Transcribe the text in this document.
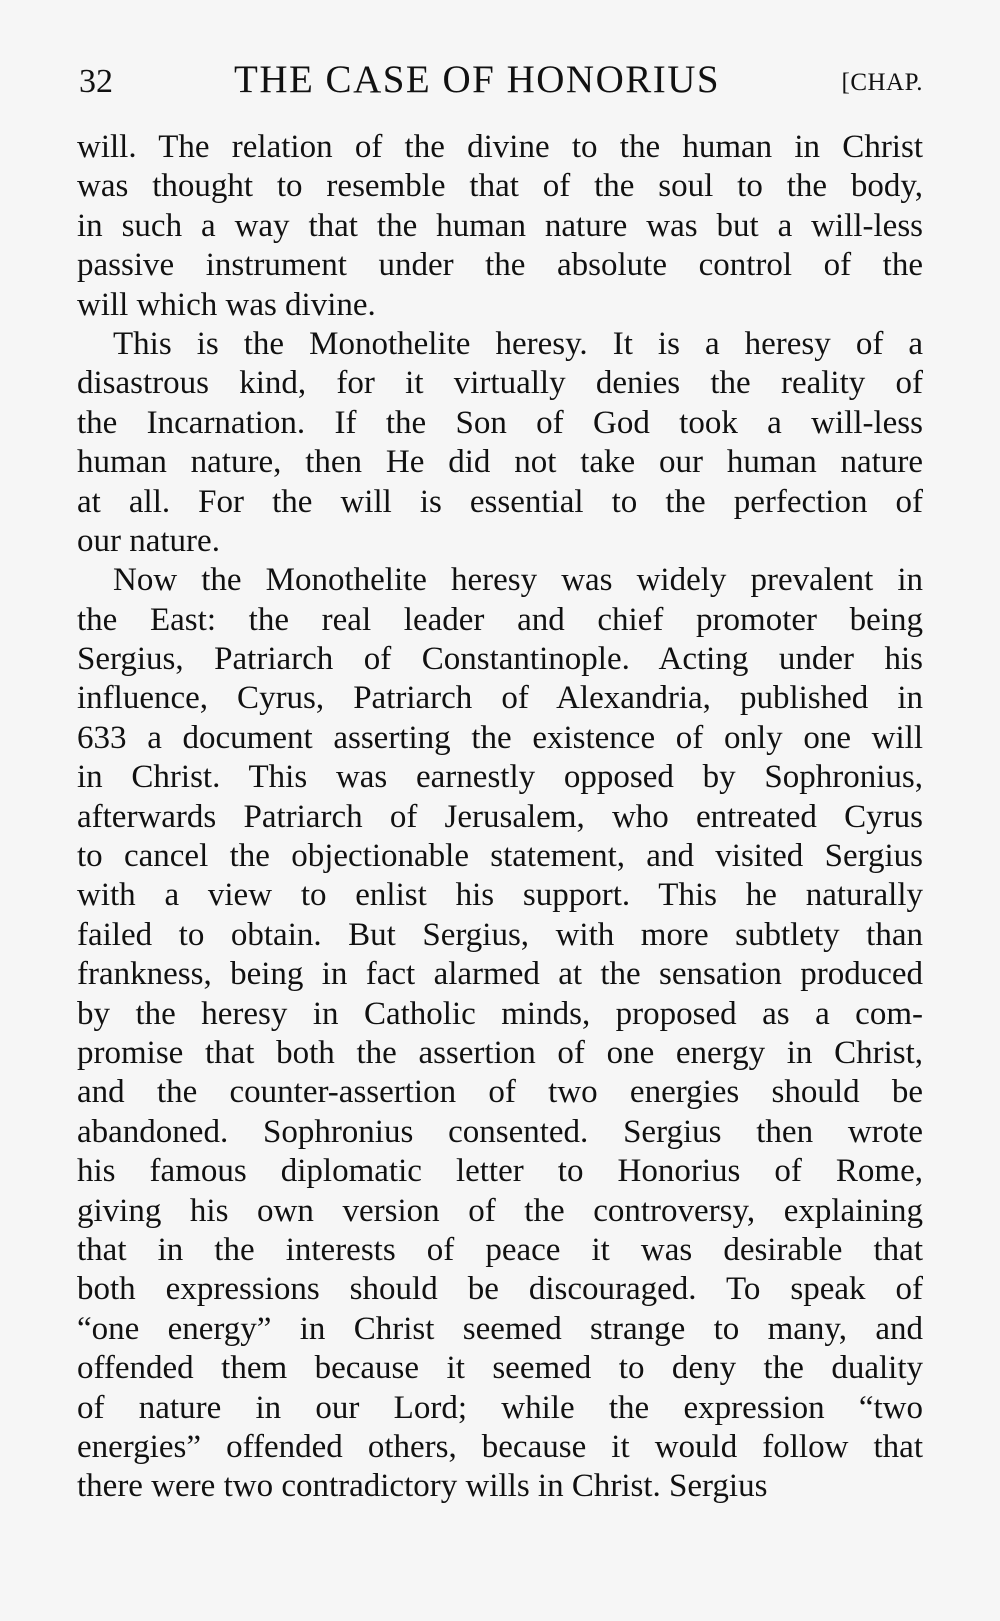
32	THE CASE OF HONORIUS	[CHAP.
will. The relation of the divine to the human in Christ
was thought to resemble that of the soul to the body,
in such a way that the human nature was but a will-less
passive instrument under the absolute control of the
will which was divine.
This is the Monothelite heresy. It is a heresy of a
disastrous kind, for it virtually denies the reality of
the Incarnation. If the Son of God took a will-less
human nature, then He did not take our human nature
at all. For the will is essential to the perfection of
our nature.
Now the Monothelite heresy was widely prevalent in
the East: the real leader and chief promoter being
Sergius, Patriarch of Constantinople. Acting under his
influence, Cyrus, Patriarch of Alexandria, published in
633 a document asserting the existence of only one will
in Christ. This was earnestly opposed by Sophronius,
afterwards Patriarch of Jerusalem, who entreated Cyrus
to cancel the objectionable statement, and visited Sergius
with a view to enlist his support. This he naturally
failed to obtain. But Sergius, with more subtlety than
frankness, being in fact alarmed at the sensation produced
by the heresy in Catholic minds, proposed as a com-
promise that both the assertion of one energy in Christ,
and the counter-assertion of two energies should be
abandoned. Sophronius consented. Sergius then wrote
his famous diplomatic letter to Honorius of Rome,
giving his own version of the controversy, explaining
that in the interests of peace it was desirable that
both expressions should be discouraged. To speak of
“one energy” in Christ seemed strange to many, and
offended them because it seemed to deny the duality
of nature in our Lord; while the expression “two
energies” offended others, because it would follow that
there were two contradictory wills in Christ. Sergius
